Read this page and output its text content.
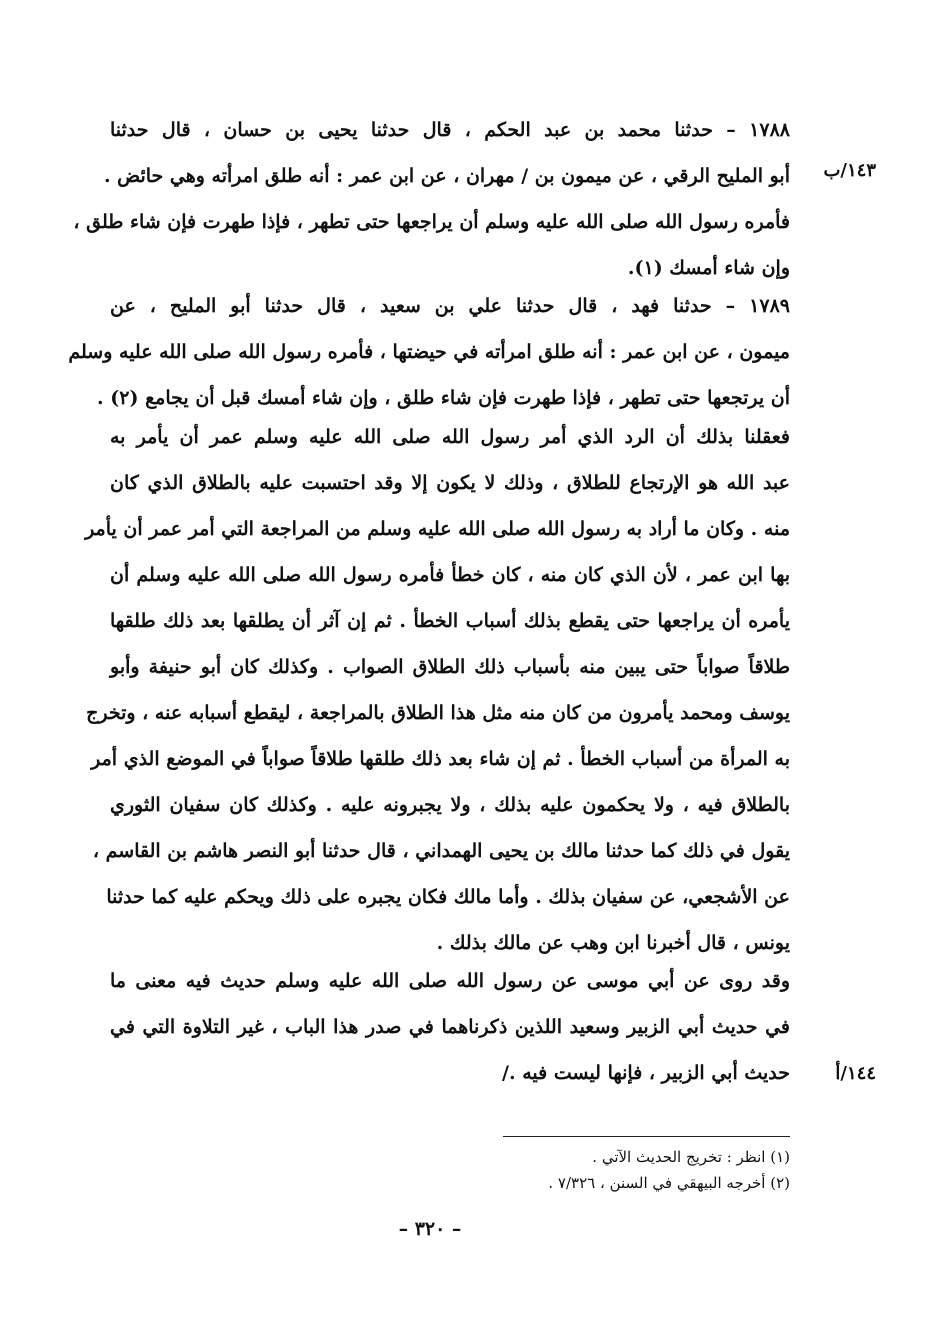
١٤٣/ب
١٤٤/أ
١٧٨٨ – حدثنا محمد بن عبد الحكم ، قال حدثنا يحيى بن حسان ، قال حدثنا
أبو المليح الرقي ، عن ميمون بن / مهران ، عن ابن عمر : أنه طلق امرأته وهي حائض .
فأمره رسول الله صلى الله عليه وسلم أن يراجعها حتى تطهر ، فإذا طهرت فإن شاء طلق ،
وإن شاء أمسك (١).
١٧٨٩ – حدثنا فهد ، قال حدثنا علي بن سعيد ، قال حدثنا أبو المليح ، عن
ميمون ، عن ابن عمر : أنه طلق امرأته في حيضتها ، فأمره رسول الله صلى الله عليه وسلم
أن يرتجعها حتى تطهر ، فإذا طهرت فإن شاء طلق ، وإن شاء أمسك قبل أن يجامع (٢) .
فعقلنا بذلك أن الرد الذي أمر رسول الله صلى الله عليه وسلم عمر أن يأمر به
عبد الله هو الإرتجاع للطلاق ، وذلك لا يكون إلا وقد احتسبت عليه بالطلاق الذي كان
منه . وكان ما أراد به رسول الله صلى الله عليه وسلم من المراجعة التي أمر عمر أن يأمر
بها ابن عمر ، لأن الذي كان منه ، كان خطأ فأمره رسول الله صلى الله عليه وسلم أن
يأمره أن يراجعها حتى يقطع بذلك أسباب الخطأ . ثم إن آثر أن يطلقها بعد ذلك طلقها
طلاقاً صواباً حتى يبين منه بأسباب ذلك الطلاق الصواب . وكذلك كان أبو حنيفة وأبو
يوسف ومحمد يأمرون من كان منه مثل هذا الطلاق بالمراجعة ، ليقطع أسبابه عنه ، وتخرج
به المرأة من أسباب الخطأ . ثم إن شاء بعد ذلك طلقها طلاقاً صواباً في الموضع الذي أمر
بالطلاق فيه ، ولا يحكمون عليه بذلك ، ولا يجبرونه عليه . وكذلك كان سفيان الثوري
يقول في ذلك كما حدثنا مالك بن يحيى الهمداني ، قال حدثنا أبو النصر هاشم بن القاسم ،
عن الأشجعي، عن سفيان بذلك . وأما مالك فكان يجبره على ذلك ويحكم عليه كما حدثنا
يونس ، قال أخبرنا ابن وهب عن مالك بذلك .
وقد روى عن أبي موسى عن رسول الله صلى الله عليه وسلم حديث فيه معنى ما
في حديث أبي الزبير وسعيد اللذين ذكرناهما في صدر هذا الباب ، غير التلاوة التي في
حديث أبي الزبير ، فإنها ليست فيه ./
(١) انظر : تخريج الحديث الآتي .
(٢) أخرجه البيهقي في السنن ، ٧/٣٢٦ .
– ٣٢٠ –
